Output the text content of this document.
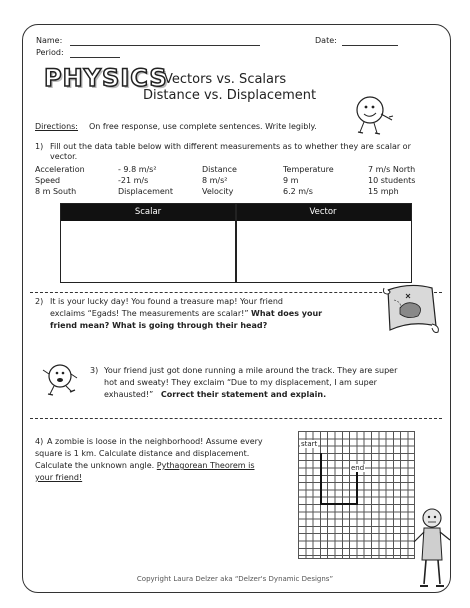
Name:	Date:
Period:
PHYSICS
Vectors vs. Scalars
Distance vs. Displacement
Directions: On free response, use complete sentences. Write legibly.
1) Fill out the data table below with different measurements as to whether they are scalar or vector.
Acceleration	- 9.8 m/s²	Distance	Temperature	7 m/s North
Speed	-21 m/s	8 m/s²	9 m	10 students
8 m South	Displacement	Velocity	6.2 m/s	15 mph
Scalar	Vector
2) It is your lucky day! You found a treasure map! Your friend
exclaims “Egads! The measurements are scalar!” What does your
friend mean? What is going through their head?
3) Your friend just got done running a mile around the track. They are super
hot and sweaty! They exclaim “Due to my displacement, I am super
exhausted!” Correct their statement and explain.
4) A zombie is loose in the neighborhood! Assume every
square is 1 km. Calculate distance and displacement.
Calculate the unknown angle. Pythagorean Theorem is
your friend!
start
end
Copyright Laura Delzer aka “Delzer's Dynamic Designs”
